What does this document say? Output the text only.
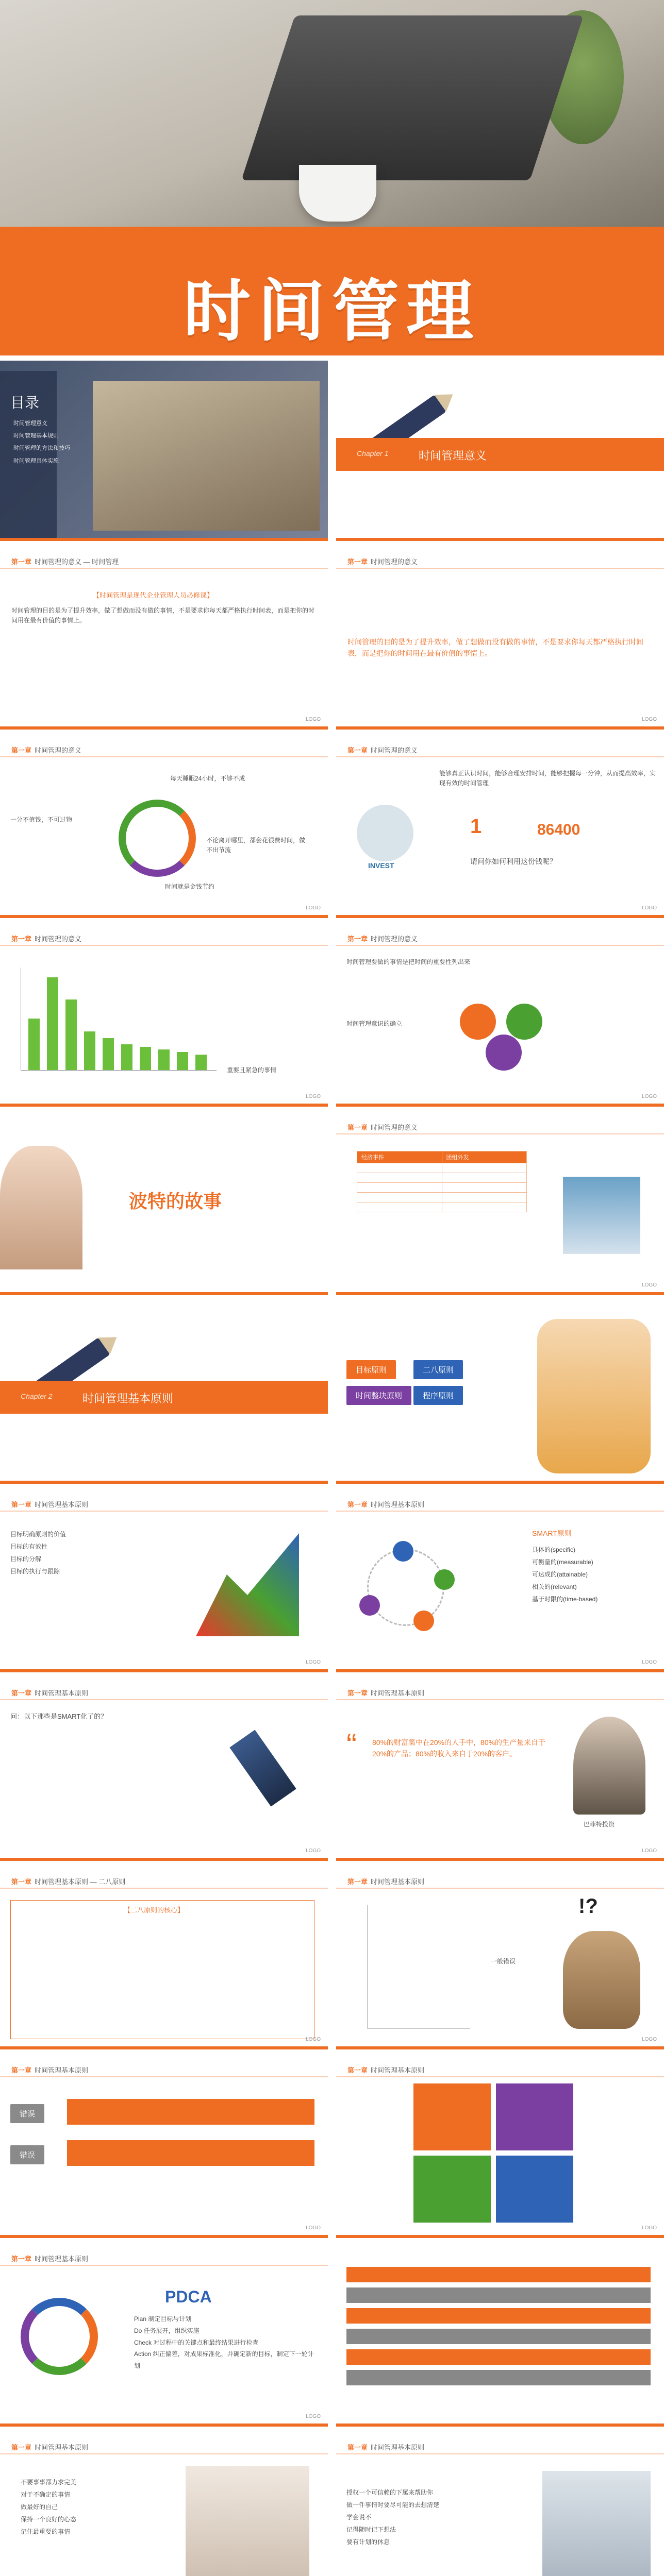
时间管理
目录
时间管理意义
时间管理基本规则
时间管理的方法和技巧
时间管理具体实施
Chapter 1	时间管理意义
第一章 时间管理的意义 — 时间管理
【时间管理是现代企业管理人员必修课】
时间管理的目的是为了提升效率，做了想做而没有做的事情，不是要求你每天都严格执行时间表，而是把你的时间用在最有价值的事情上。
LOGO
第一章 时间管理的意义
时间管理的目的是为了提升效率，做了想做而没有做的事情，不是要求你每天都严格执行时间表，而是把你的时间用在最有价值的事情上。
LOGO
第一章 时间管理的意义
每天睡眠24小时，不够不成
一分不值钱，不可过物
不论离开哪里，都会花很费时间，做不出节流
时间就是金钱节约
LOGO
第一章 时间管理的意义
能够真正认识时间，能够合理安排时间，能够把握每一分钟，从而提高效率，实现有效的时间管理
INVEST
1	86400
请问你如何利用这份钱呢？
LOGO
第一章 时间管理的意义
重要且紧急的事情
LOGO
第一章 时间管理的意义
时间管理要做的事情是把时间的重要性列出来
时间管理意识的确立
LOGO
波特的故事
第一章 时间管理的意义
经济事件	团组外发

LOGO
Chapter 2	时间管理基本原则
目标原则	二八原则
时间整块原则	程序原则
第一章 时间管理基本原则
目标明确原则的价值
目标的有效性
目标的分解
目标的执行与跟踪
LOGO
第一章 时间管理基本原则
SMART原则
具体的(specific)
可衡量的(measurable)
可达成的(attainable)
相关的(relevant)
基于时限的(time-based)
LOGO
第一章 时间管理基本原则
问：以下那些是SMART化了的？
LOGO
第一章 时间管理基本原则
“ 80%的财富集中在20%的人手中，80%的生产量来自于20%的产品；80%的收入来自于20%的客户。
巴菲特投资
LOGO
第一章 时间管理基本原则 — 二八原则
【二八原则的核心】
LOGO
第一章 时间管理基本原则
一般错误
!?
LOGO
第一章 时间管理基本原则
错误
错误
LOGO
第一章 时间管理基本原则
LOGO
第一章 时间管理基本原则
PDCA
Plan 制定目标与计划
Do 任务展开，组织实施
Check 对过程中的关键点和最终结果进行检查
Action 纠正偏差，对成果标准化，并确定新的目标，制定下一轮计划
LOGO
第一章 时间管理基本原则
不要事事都力求完美
对于不确定的事情
做最好的自己
保持一个良好的心态
记住最重要的事情
第一章 时间管理基本原则
授权一个可信赖的下属来帮助你
做一件事情时要尽可能的去想清楚
学会说不
记得随时记下想法
要有计划的休息
